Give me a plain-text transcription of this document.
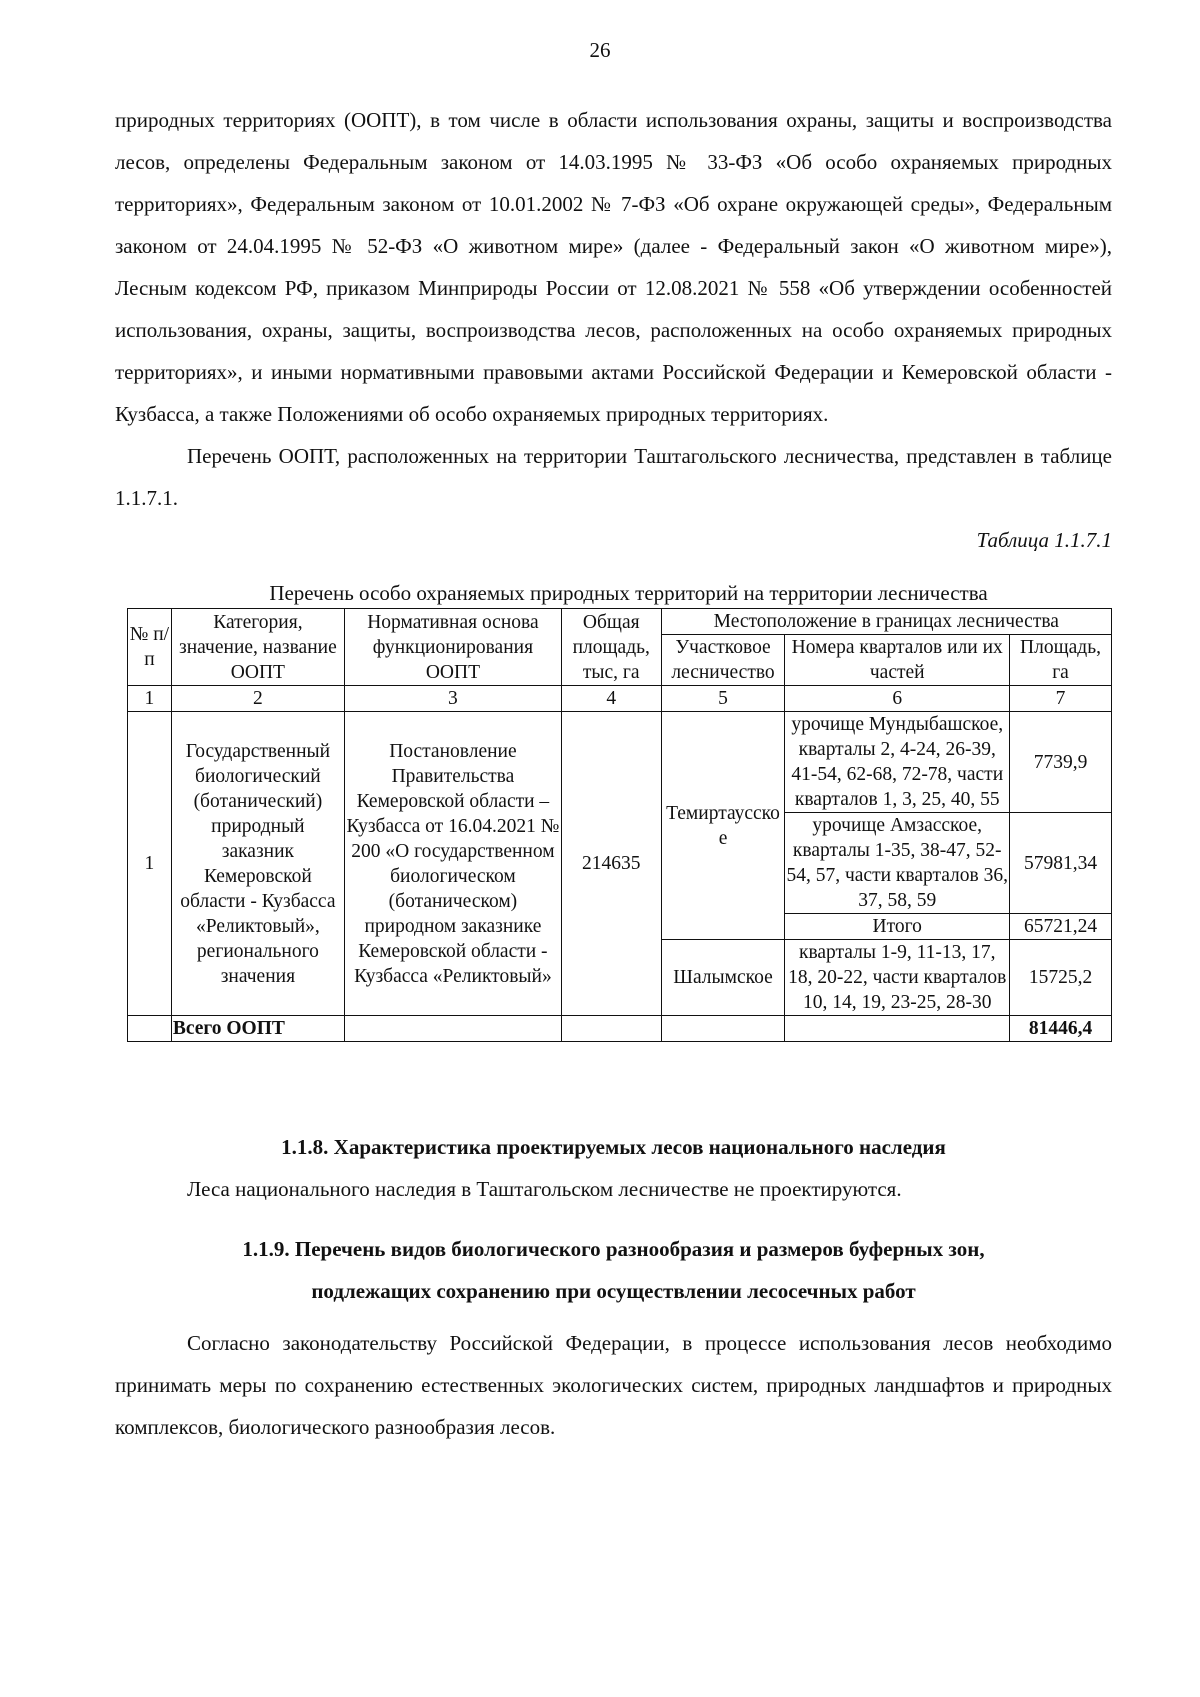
26

природных территориях (ООПТ), в том числе в области использования охраны, защиты и воспроизводства лесов, определены Федеральным законом от 14.03.1995 № 33-ФЗ «Об особо охраняемых природных территориях», Федеральным законом от 10.01.2002 № 7-ФЗ «Об охране окружающей среды», Федеральным законом от 24.04.1995 № 52-ФЗ «О животном мире» (далее - Федеральный закон «О животном мире»), Лесным кодексом РФ, приказом Минприроды России от 12.08.2021 № 558 «Об утверждении особенностей использования, охраны, защиты, воспроизводства лесов, расположенных на особо охраняемых природных территориях», и иными нормативными правовыми актами Российской Федерации и Кемеровской области - Кузбасса, а также Положениями об особо охраняемых природных территориях.

Перечень ООПТ, расположенных на территории Таштагольского лесничества, представлен в таблице 1.1.7.1.

Таблица 1.1.7.1

Перечень особо охраняемых природных территорий на территории лесничества

№ п/п	Категория, значение, название ООПТ	Нормативная основа функционирования ООПТ	Общая площадь, тыс, га	Местоположение в границах лесничества		
				Участковое лесничество	Номера кварталов или их частей	Площадь, га
1	2	3	4	5	6	7
1	Государственный биологический (ботанический) природный заказник Кемеровской области - Кузбасса «Реликтовый», регионального значения	Постановление Правительства Кемеровской области – Кузбасса от 16.04.2021 № 200 «О государственном биологическом (ботаническом) природном заказнике Кемеровской области - Кузбасса «Реликтовый»	214635	Темиртаусское	урочище Мундыбашское, кварталы 2, 4-24, 26-39, 41-54, 62-68, 72-78, части кварталов 1, 3, 25, 40, 55	7739,9
					урочище Амзасское, кварталы 1-35, 38-47, 52-54, 57, части кварталов 36, 37, 58, 59	57981,34
					Итого	65721,24
				Шалымское	кварталы 1-9, 11-13, 17, 18, 20-22, части кварталов 10, 14, 19, 23-25, 28-30	15725,2
	Всего ООПТ					81446,4

1.1.8. Характеристика проектируемых лесов национального наследия

Леса национального наследия в Таштагольском лесничестве не проектируются.

1.1.9. Перечень видов биологического разнообразия и размеров буферных зон,

подлежащих сохранению при осуществлении лесосечных работ

Согласно законодательству Российской Федерации, в процессе использования лесов необходимо принимать меры по сохранению естественных экологических систем, природных ландшафтов и природных комплексов, биологического разнообразия лесов.
